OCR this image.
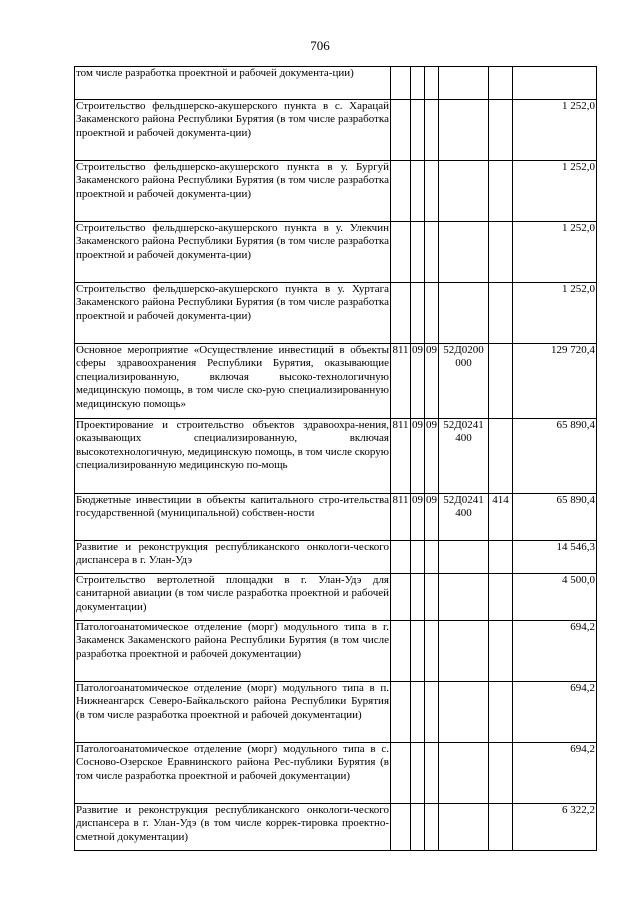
706
том числе разработка проектной и рабочей документа-ции)						
Строительство фельдшерско-акушерского пункта в с. Харацай Закаменского района Республики Бурятия (в том числе разработка проектной и рабочей документа-ции)						1 252,0
Строительство фельдшерско-акушерского пункта в у. Бургуй Закаменского района Республики Бурятия (в том числе разработка проектной и рабочей документа-ции)						1 252,0
Строительство фельдшерско-акушерского пункта в у. Улекчин Закаменского района Республики Бурятия (в том числе разработка проектной и рабочей документа-ции)						1 252,0
Строительство фельдшерско-акушерского пункта в у. Хуртага Закаменского района Республики Бурятия (в том числе разработка проектной и рабочей документа-ции)						1 252,0
Основное мероприятие «Осуществление инвестиций в объекты сферы здравоохранения Республики Бурятия, оказывающие специализированную, включая высоко-технологичную медицинскую помощь, в том числе ско-рую специализированную медицинскую помощь»	811	09	09	52Д0200 000		129 720,4
Проектирование и строительство объектов здравоохра-нения, оказывающих специализированную, включая высокотехнологичную, медицинскую помощь, в том числе скорую специализированную медицинскую по-мощь	811	09	09	52Д0241 400		65 890,4
Бюджетные инвестиции в объекты капитального стро-ительства государственной (муниципальной) собствен-ности	811	09	09	52Д0241 400	414	65 890,4
Развитие и реконструкция республиканского онкологи-ческого диспансера в г. Улан-Удэ						14 546,3
Строительство вертолетной площадки в г. Улан-Удэ для санитарной авиации (в том числе разработка проектной и рабочей документации)						4 500,0
Патологоанатомическое отделение (морг) модульного типа в г. Закаменск Закаменского района Республики Бурятия (в том числе разработка проектной и рабочей документации)						694,2
Патологоанатомическое отделение (морг) модульного типа в п. Нижнеангарск Северо-Байкальского района Республики Бурятия (в том числе разработка проектной и рабочей документации)						694,2
Патологоанатомическое отделение (морг) модульного типа в с. Сосново-Озерское Еравнинского района Рес-публики Бурятия (в том числе разработка проектной и рабочей документации)						694,2
Развитие и реконструкция республиканского онкологи-ческого диспансера в г. Улан-Удэ (в том числе коррек-тировка проектно-сметной документации)						6 322,2
